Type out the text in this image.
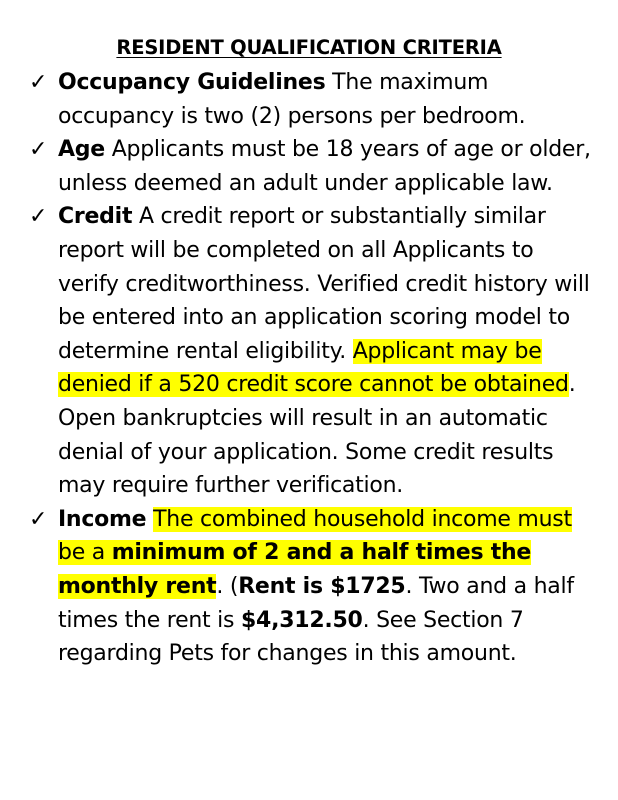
RESIDENT QUALIFICATION CRITERIA
✓ Occupancy Guidelines The maximum occupancy is two (2) persons per bedroom.
✓ Age Applicants must be 18 years of age or older, unless deemed an adult under applicable law.
✓ Credit A credit report or substantially similar report will be completed on all Applicants to verify creditworthiness. Verified credit history will be entered into an application scoring model to determine rental eligibility. Applicant may be denied if a 520 credit score cannot be obtained. Open bankruptcies will result in an automatic denial of your application. Some credit results may require further verification.
✓ Income The combined household income must be a minimum of 2 and a half times the monthly rent. (Rent is $1725. Two and a half times the rent is $4,312.50. See Section 7 regarding Pets for changes in this amount.
